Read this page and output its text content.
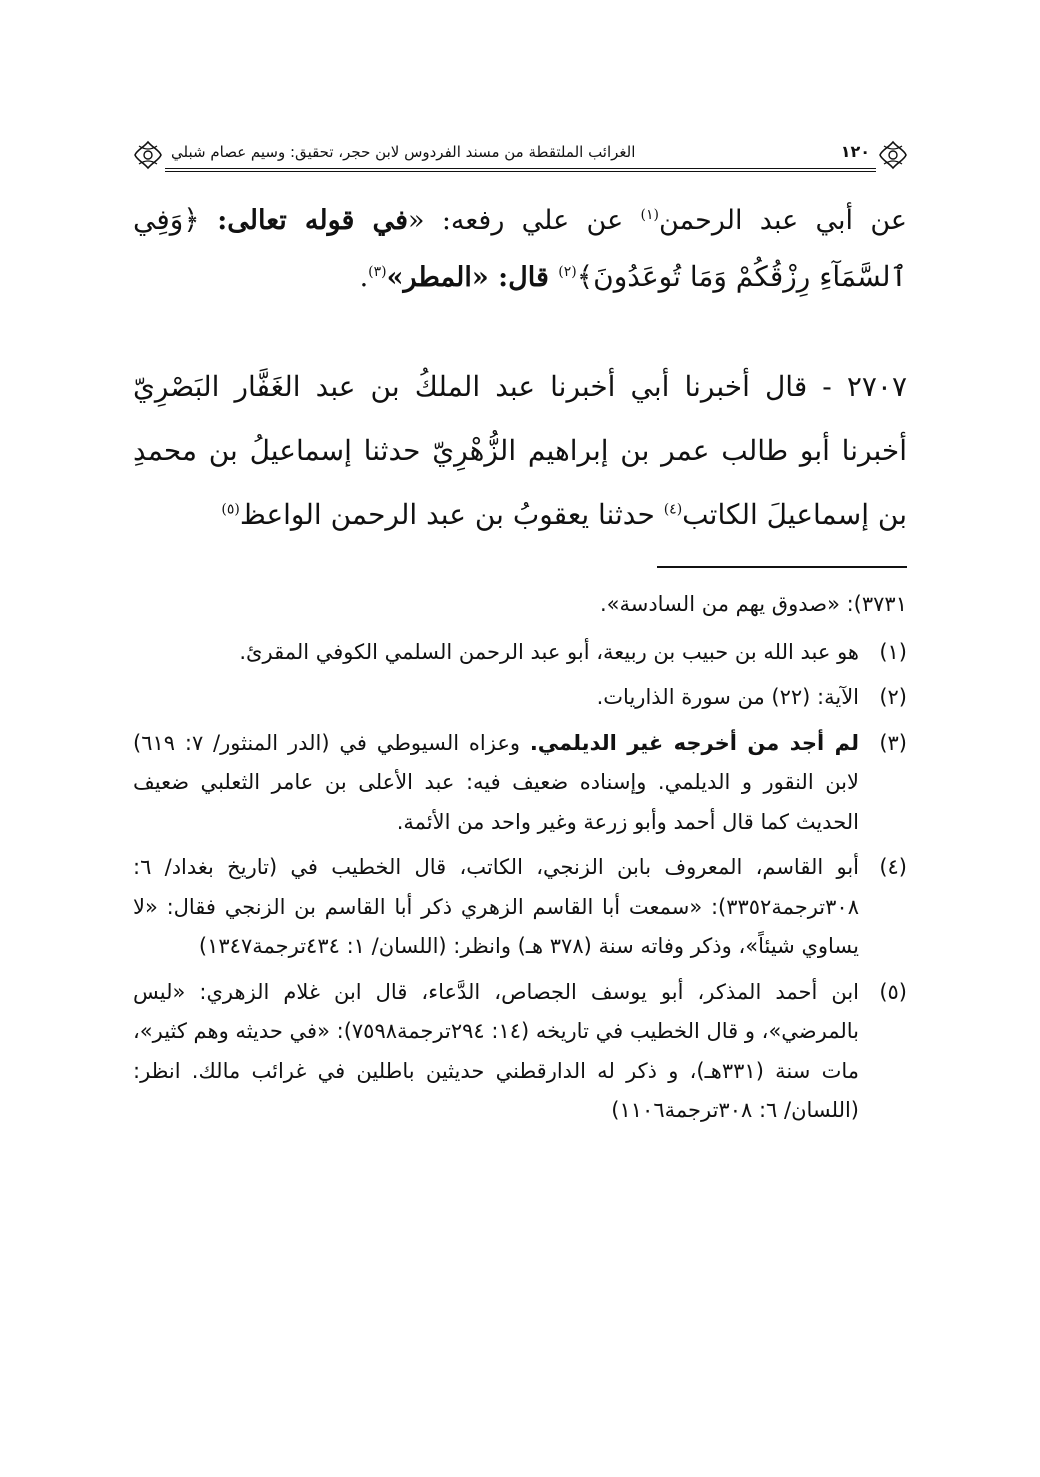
١٢٠
الغرائب الملتقطة من مسند الفردوس لابن حجر، تحقيق: وسيم عصام شبلي
عن أبي عبد الرحمن$^{(١)}$ عن علي رفعه: «في قوله تعالى: ﴿وَفِي ٱلسَّمَآءِ رِزْقُكُمْ وَمَا تُوعَدُونَ﴾$^{(٢)}$ قال: «المطر»$^{(٣)}$.
٢٧٠٧ - قال أخبرنا أبي أخبرنا عبد الملكُ بن عبد الغَفَّار البَصْرِيّ أخبرنا أبو طالب عمر بن إبراهيم الزُّهْرِيّ حدثنا إسماعيلُ بن محمدِ بن إسماعيلَ الكاتب$^{(٤)}$ حدثنا يعقوبُ بن عبد الرحمن الواعظ$^{(٥)}$
٣٧٣١): «صدوق يهم من السادسة».
(١)
هو عبد الله بن حبيب بن ربيعة، أبو عبد الرحمن السلمي الكوفي المقرئ.
(٢)
الآية: (٢٢) من سورة الذاريات.
(٣)
لم أجد من أخرجه غير الديلمي. وعزاه السيوطي في (الدر المنثور/ ٧: ٦١٩) لابن النقور و الديلمي. وإسناده ضعيف فيه: عبد الأعلى بن عامر الثعلبي ضعيف الحديث كما قال أحمد وأبو زرعة وغير واحد من الأئمة.
(٤)
أبو القاسم، المعروف بابن الزنجي، الكاتب، قال الخطيب في (تاريخ بغداد/ ٦: ٣٠٨ترجمة٣٣٥٢): «سمعت أبا القاسم الزهري ذكر أبا القاسم بن الزنجي فقال: «لا يساوي شيئاً»، وذكر وفاته سنة (٣٧٨ هـ) وانظر: (اللسان/ ١: ٤٣٤ترجمة١٣٤٧)
(٥)
ابن أحمد المذكر، أبو يوسف الجصاص، الدَّعاء، قال ابن غلام الزهري: «ليس بالمرضي»، و قال الخطيب في تاريخه (١٤: ٢٩٤ترجمة٧٥٩٨): «في حديثه وهم كثير»، مات سنة (٣٣١هـ)، و ذكر له الدارقطني حديثين باطلين في غرائب مالك. انظر: (اللسان/ ٦: ٣٠٨ترجمة١١٠٦)
